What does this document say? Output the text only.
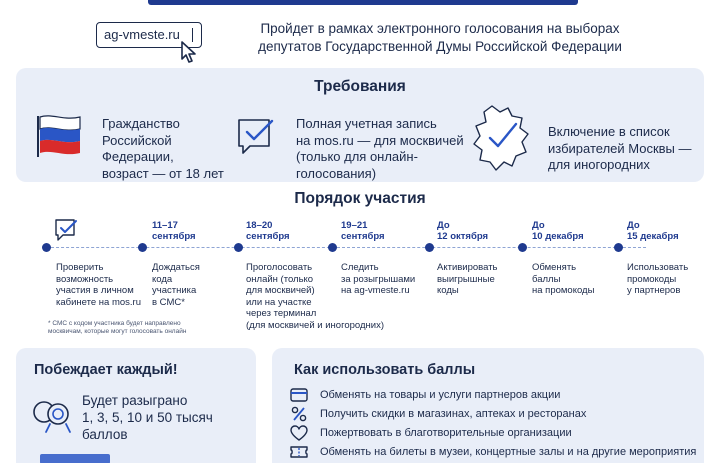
ag-vmeste.ru	Пройдет в рамках электронного голосования на выборах
депутатов Государственной Думы Российской Федерации
Требования
Гражданство
Российской
Федерации,
возраст — от 18 лет
Полная учетная запись
на mos.ru — для москвичей
(только для онлайн-
голосования)
Включение в список
избирателей Москвы —
для иногородних
Порядок участия
Проверить
возможность
участия в личном
кабинете на mos.ru
11–17
сентября
Дождаться
кода
участника
в СМС*
18–20
сентября
Проголосовать
онлайн (только
для москвичей)
или на участке
через терминал
(для москвичей и иногородних)
19–21
сентября
Следить
за розыгрышами
на ag-vmeste.ru
До
12 октября
Активировать
выигрышные
коды
До
10 декабря
Обменять
баллы
на промокоды
До
15 декабря
Использовать
промокоды
у партнеров
* СМС с кодом участника будет направлено
москвичам, которые могут голосовать онлайн
Побеждает каждый!
Будет разыграно
1, 3, 5, 10 и 50 тысяч
баллов
Как использовать баллы
Обменять на товары и услуги партнеров акции
Получить скидки в магазинах, аптеках и ресторанах
Пожертвовать в благотворительные организации
Обменять на билеты в музеи, концертные залы и на другие мероприятия
